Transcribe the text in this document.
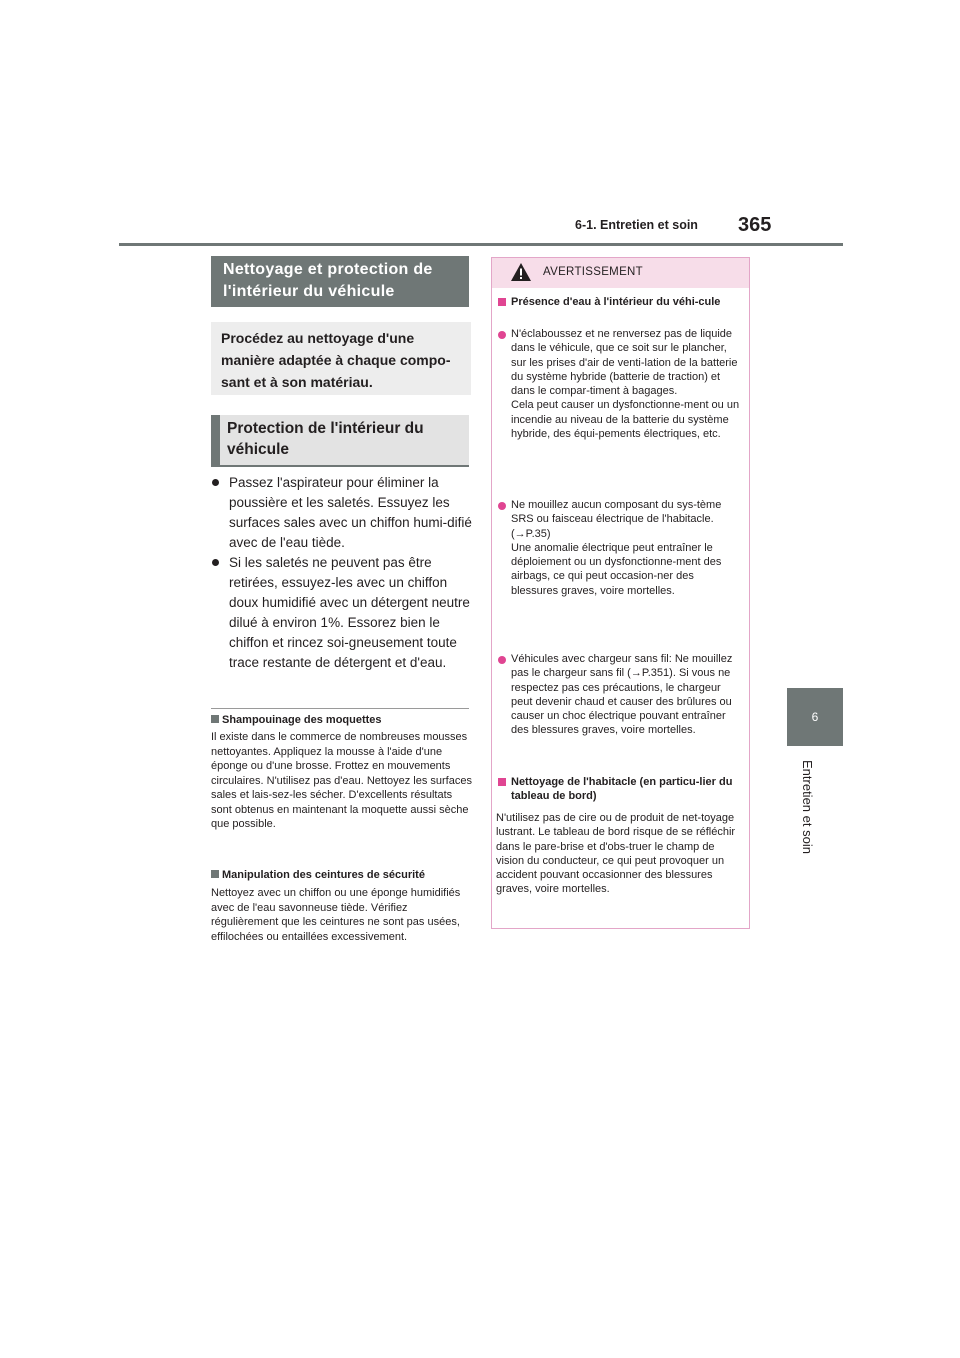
6-1. Entretien et soin 365
6
Entretien et soin
Nettoyage et protection de l'intérieur du véhicule
Procédez au nettoyage d'une manière adaptée à chaque compo-sant et à son matériau.
Protection de l'intérieur du véhicule
Passez l'aspirateur pour éliminer la poussière et les saletés. Essuyez les surfaces sales avec un chiffon humi-difié avec de l'eau tiède.
Si les saletés ne peuvent pas être retirées, essuyez-les avec un chiffon doux humidifié avec un détergent neutre dilué à environ 1%. Essorez bien le chiffon et rincez soi-gneusement toute trace restante de détergent et d'eau.
Shampouinage des moquettes
Il existe dans le commerce de nombreuses mousses nettoyantes. Appliquez la mousse à l'aide d'une éponge ou d'une brosse. Frottez en mouvements circulaires. N'utilisez pas d'eau. Nettoyez les surfaces sales et lais-sez-les sécher. D'excellents résultats sont obtenus en maintenant la moquette aussi sèche que possible.
Manipulation des ceintures de sécurité
Nettoyez avec un chiffon ou une éponge humidifiés avec de l'eau savonneuse tiède. Vérifiez régulièrement que les ceintures ne sont pas usées, effilochées ou entaillées excessivement.
AVERTISSEMENT
Présence d'eau à l'intérieur du véhi-cule
N'éclaboussez et ne renversez pas de liquide dans le véhicule, que ce soit sur le plancher, sur les prises d'air de venti-lation de la batterie du système hybride (batterie de traction) et dans le compar-timent à bagages.
Cela peut causer un dysfonctionne-ment ou un incendie au niveau de la batterie du système hybride, des équi-pements électriques, etc.
Ne mouillez aucun composant du sys-tème SRS ou faisceau électrique de l'habitacle.
(→P.35)
Une anomalie électrique peut entraîner le déploiement ou un dysfonctionne-ment des airbags, ce qui peut occasion-ner des blessures graves, voire mortelles.
Véhicules avec chargeur sans fil: Ne mouillez pas le chargeur sans fil (→P.351). Si vous ne respectez pas ces précautions, le chargeur peut devenir chaud et causer des brûlures ou causer un choc électrique pouvant entraîner des blessures graves, voire mortelles.
Nettoyage de l'habitacle (en particu-lier du tableau de bord)
N'utilisez pas de cire ou de produit de net-toyage lustrant. Le tableau de bord risque de se réfléchir dans le pare-brise et d'obs-truer le champ de vision du conducteur, ce qui peut provoquer un accident pouvant occasionner des blessures graves, voire mortelles.
